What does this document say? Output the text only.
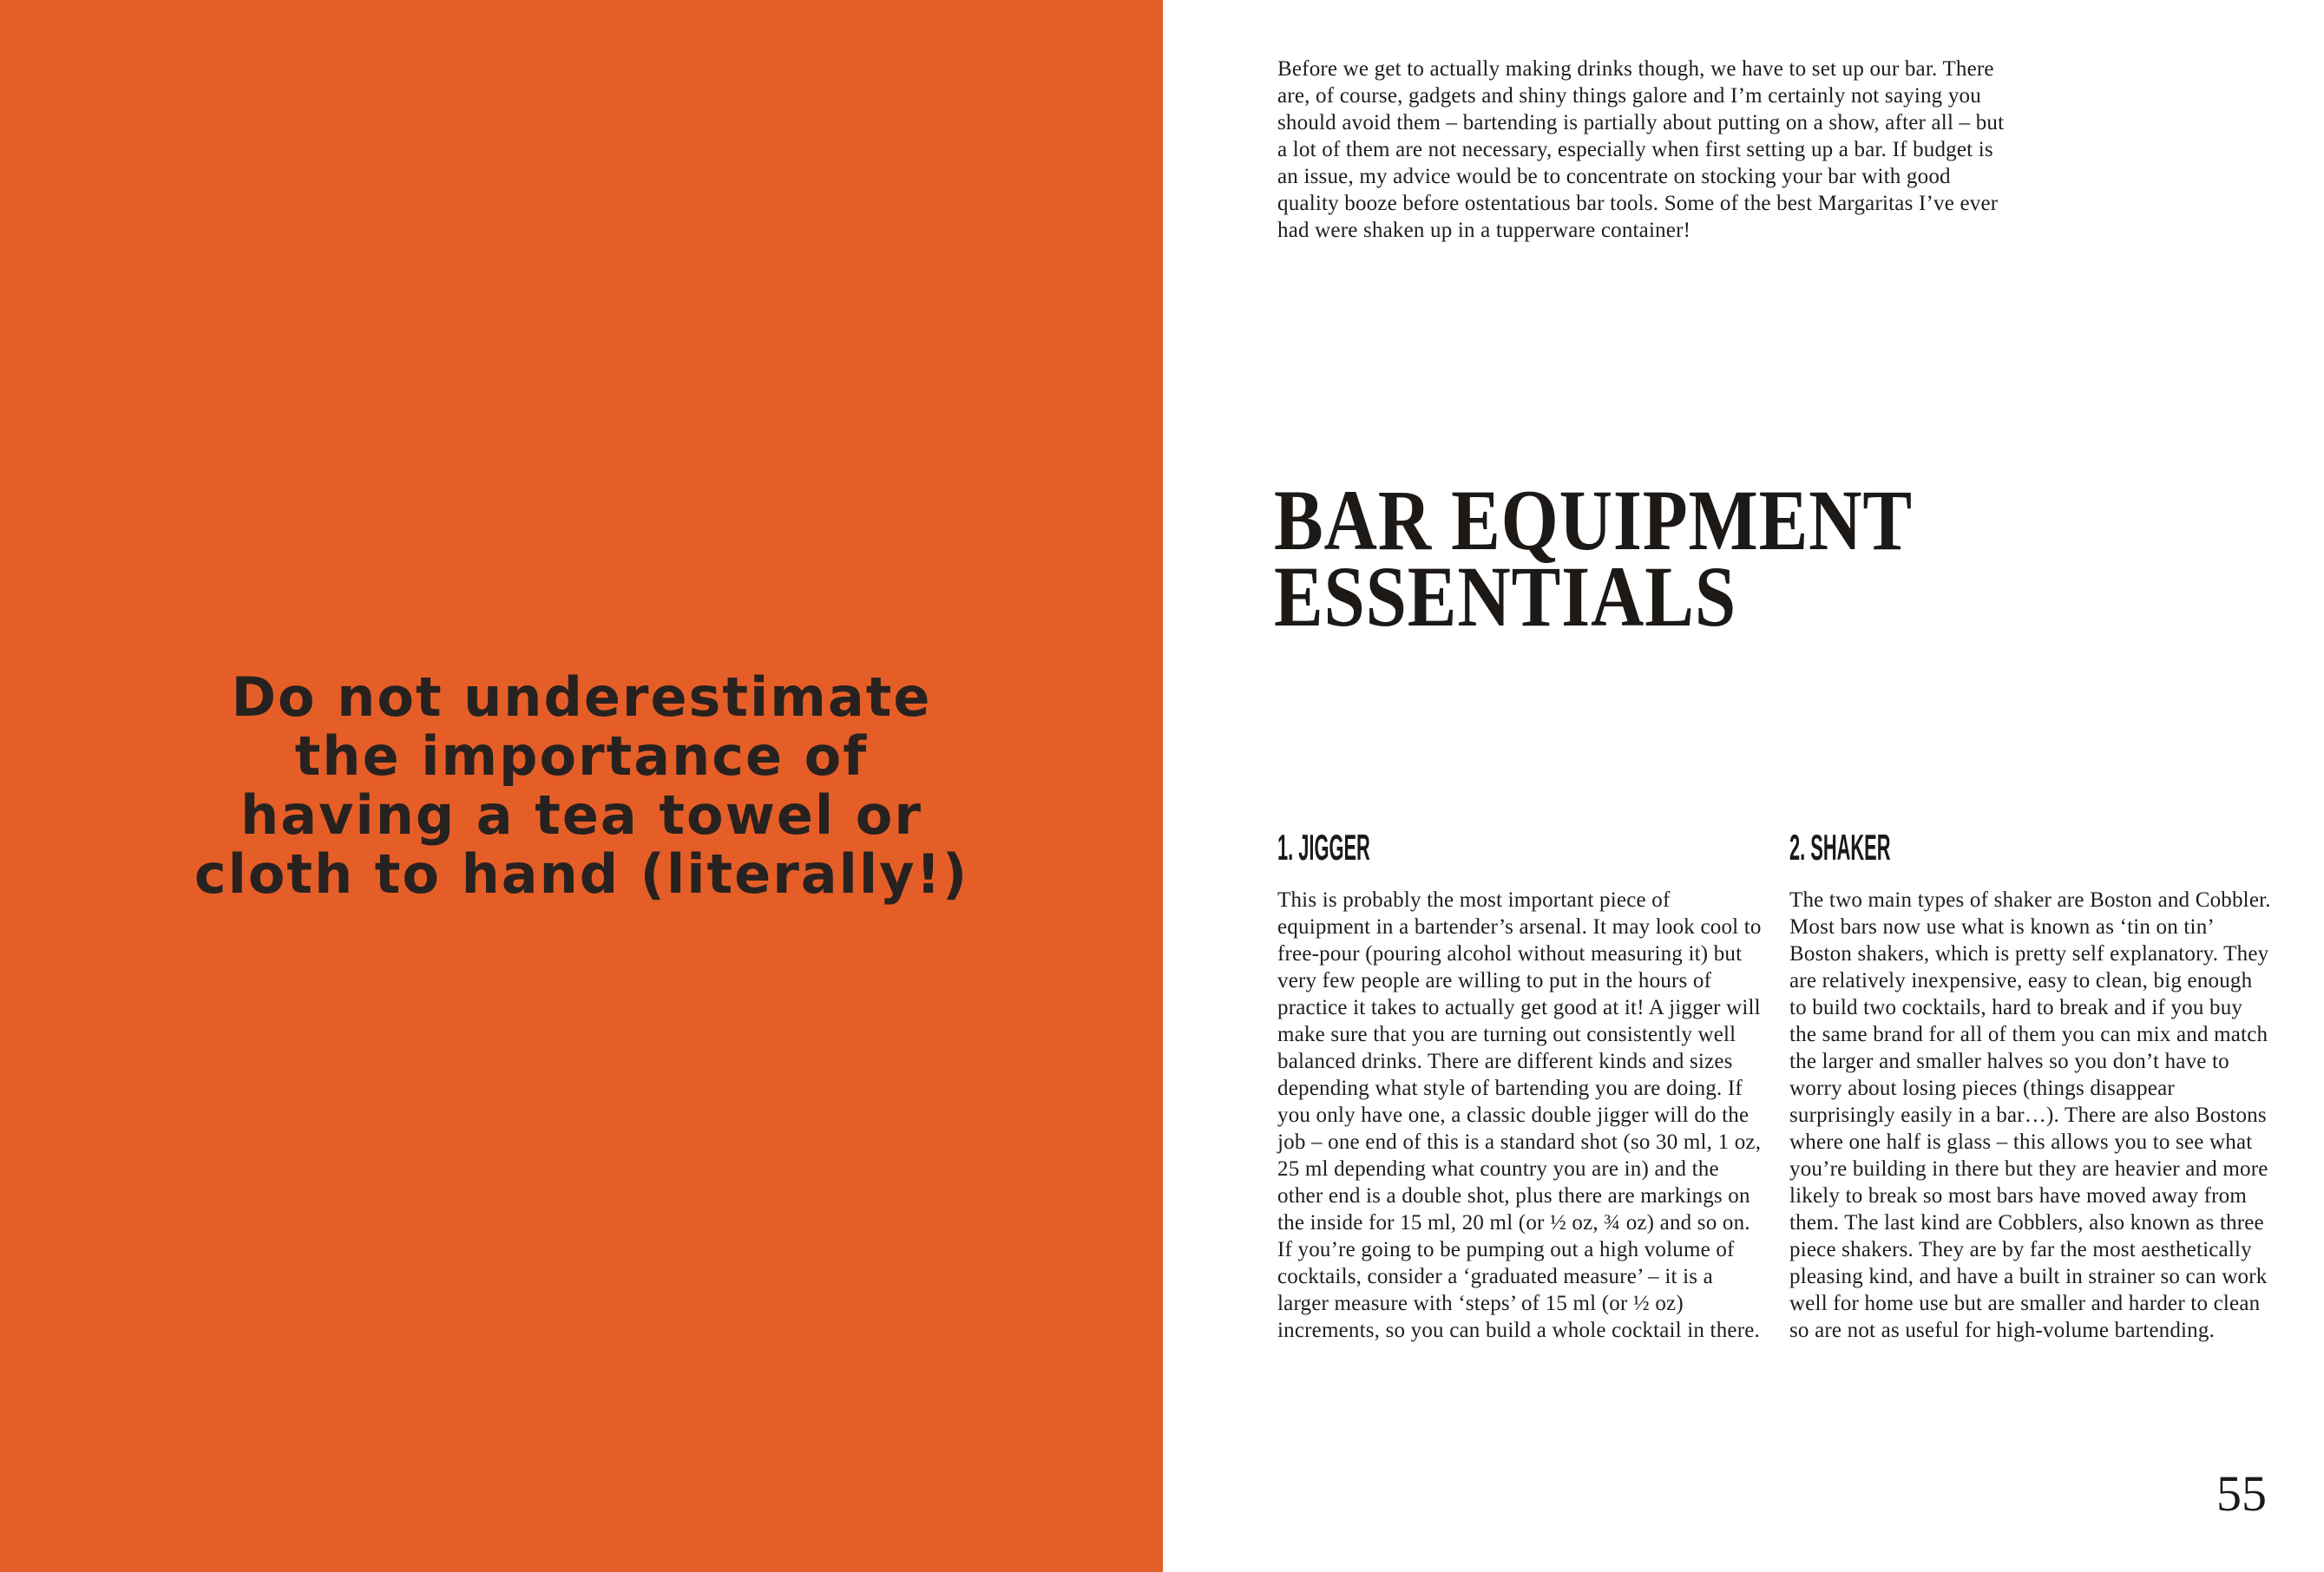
Do not underestimate
the importance of
having a tea towel or
cloth to hand (literally!)

Before we get to actually making drinks though, we have to set up our bar. There are, of course, gadgets and shiny things galore and I’m certainly not saying you should avoid them – bartending is partially about putting on a show, after all – but a lot of them are not necessary, especially when first setting up a bar. If budget is an issue, my advice would be to concentrate on stocking your bar with good quality booze before ostentatious bar tools. Some of the best Margaritas I’ve ever had were shaken up in a tupperware container!

BAR EQUIPMENT
ESSENTIALS
1. JIGGER

This is probably the most important piece of equipment in a bartender’s arsenal. It may look cool to free-pour (pouring alcohol without measuring it) but very few people are willing to put in the hours of practice it takes to actually get good at it! A jigger will make sure that you are turning out consistently well balanced drinks. There are different kinds and sizes depending what style of bartending you are doing. If you only have one, a classic double jigger will do the job – one end of this is a standard shot (so 30 ml, 1 oz, 25 ml depending what country you are in) and the other end is a double shot, plus there are markings on the inside for 15 ml, 20 ml (or ½ oz, ¾ oz) and so on. If you’re going to be pumping out a high volume of cocktails, consider a ‘graduated measure’ – it is a larger measure with ‘steps’ of 15 ml (or ½ oz) increments, so you can build a whole cocktail in there.

2. SHAKER

The two main types of shaker are Boston and Cobbler. Most bars now use what is known as ‘tin on tin’ Boston shakers, which is pretty self explanatory. They are relatively inexpensive, easy to clean, big enough to build two cocktails, hard to break and if you buy the same brand for all of them you can mix and match the larger and smaller halves so you don’t have to worry about losing pieces (things disappear surprisingly easily in a bar…). There are also Bostons where one half is glass – this allows you to see what you’re building in there but they are heavier and more likely to break so most bars have moved away from them. The last kind are Cobblers, also known as three piece shakers. They are by far the most aesthetically pleasing kind, and have a built in strainer so can work well for home use but are smaller and harder to clean so are not as useful for high-volume bartending.

55
